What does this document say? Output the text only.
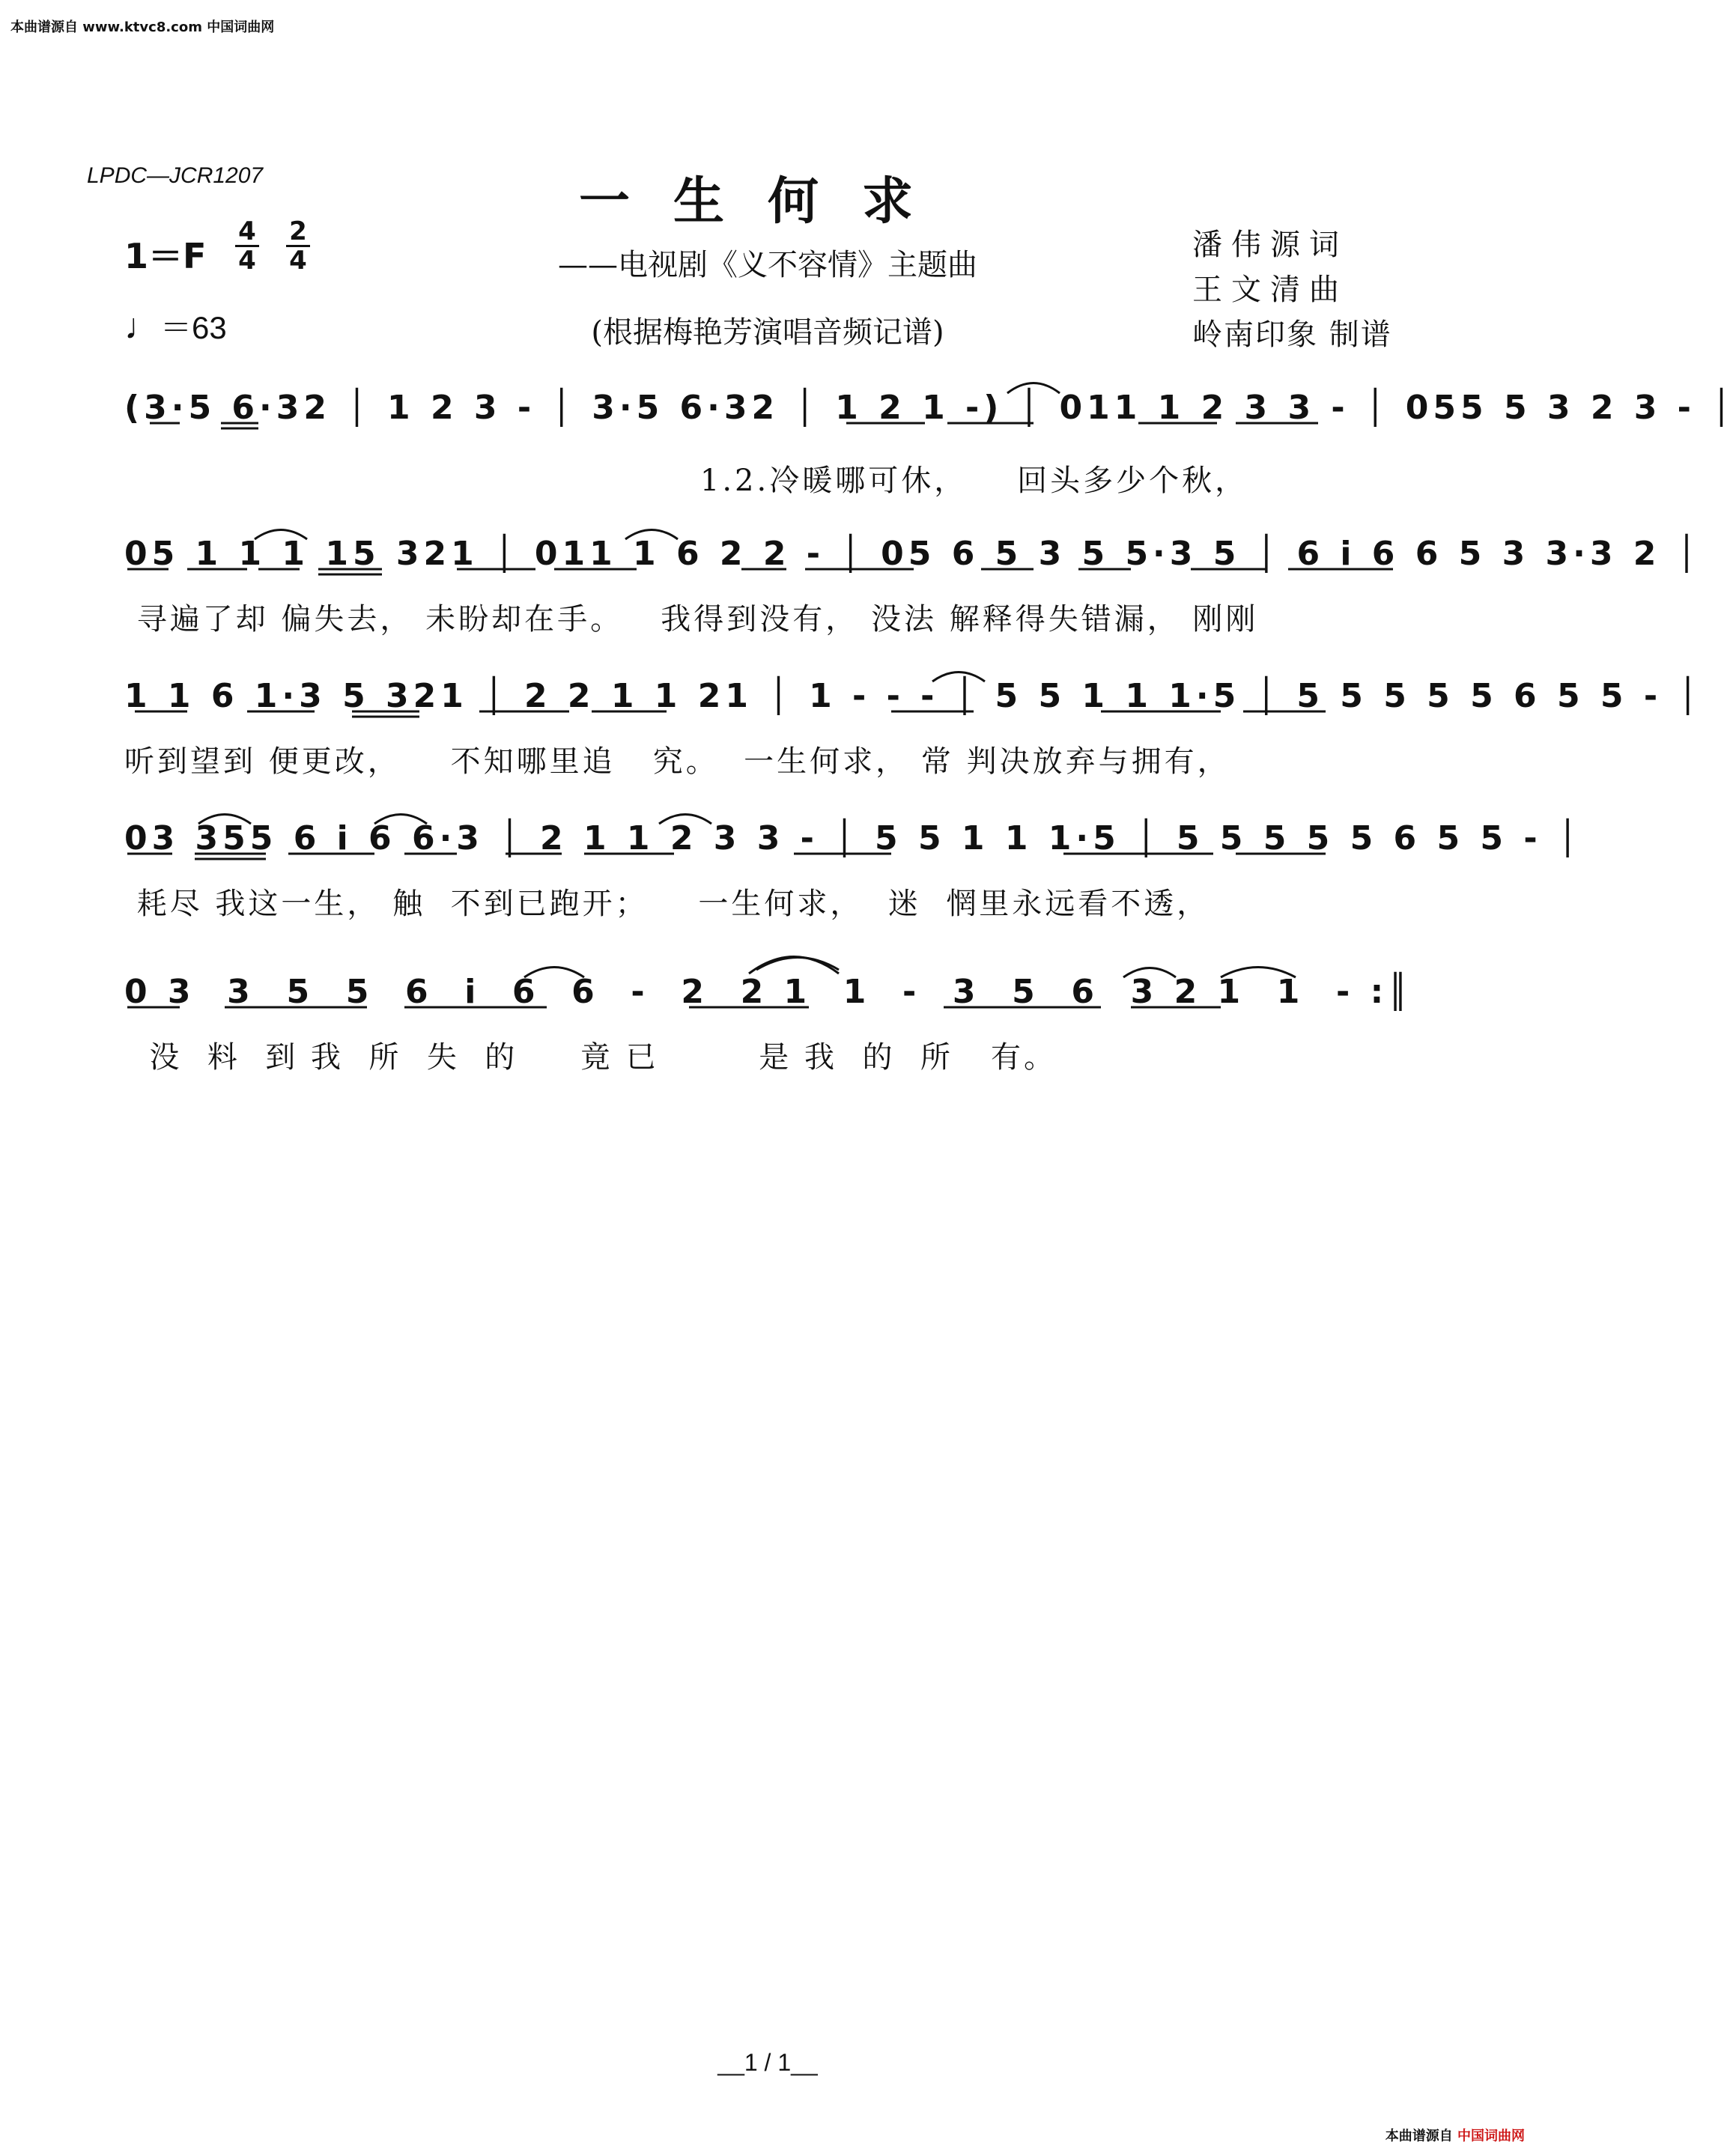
本曲谱源自 www.ktvc8.com 中国词曲网
LPDC—JCR1207	一生何求
——电视剧《义不容情》主题曲
(根据梅艳芳演唱音频记谱)
潘伟源词
王文清曲
岭南印象 制谱
1＝F
4
4
2
4
♩＝63
(3·5 6·32 │ 1 2 3 - │ 3·5 6·32 │ 1 2 1 -) │ 011 1 2 3 3 - │ 055 5 3 2 3 - │
1.2.冷暖哪可休，    回头多少个秋，
05 1 1 1 15 321 │ 011 1 6 2 2 - │ 05 6 5 3 5 5·3 5 │ 6 i 6 6 5 3 3·3 2 │
寻遍了却 偏失去， 未盼却在手。   我得到没有， 没法 解释得失错漏， 刚刚
1 1 6 1·3 5 321 │ 2 2 1 1 21 │ 1 - - - │ 5 5 1 1 1·5 │ 5 5 5 5 5 6 5 5 - │
听到望到 便更改，    不知哪里追   究。  一生何求， 常 判决放弃与拥有，
03 355 6 i 6 6·3 │ 2 1 1 2 3 3 - │ 5 5 1 1 1·5 │ 5 5 5 5 5 6 5 5 - │
耗尽 我这一生， 触  不到已跑开；    一生何求，  迷  惘里永远看不透，
0 3  3  5  5  6  i  6  6  -  2  2 1  1  -  3  5  6  3 2 1  1  - :║
没  料  到 我  所  失  的     竟 已        是 我  的  所   有。
__1 / 1__
本曲谱源自 中国词曲网
